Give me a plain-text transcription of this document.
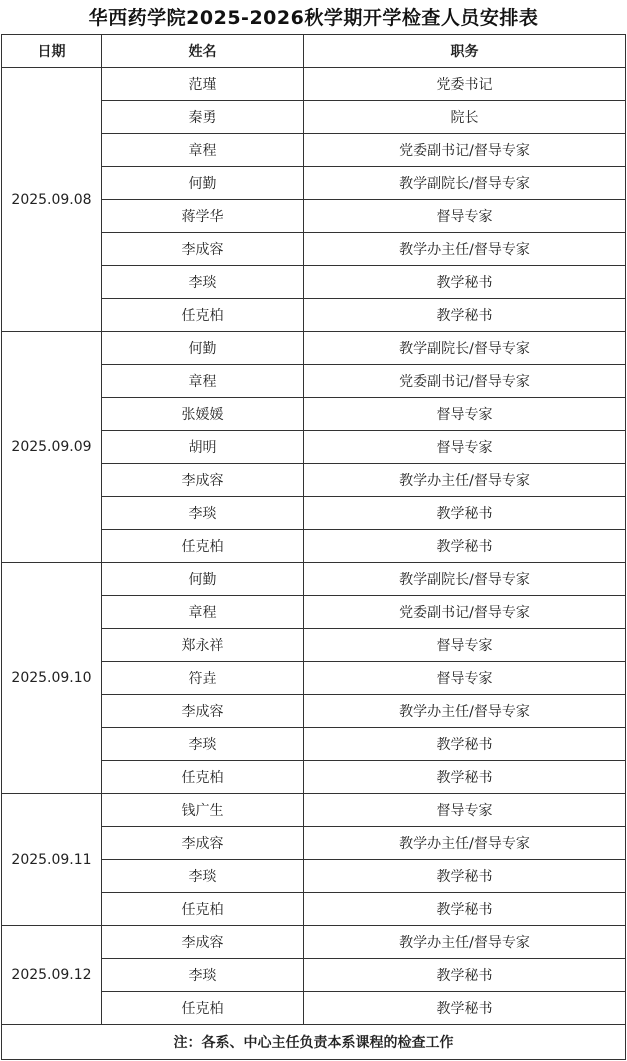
华西药学院2025-2026秋学期开学检查人员安排表
日期	姓名	职务
2025.09.08	范瑾	党委书记
	秦勇	院长
	章程	党委副书记/督导专家
	何勤	教学副院长/督导专家
	蒋学华	督导专家
	李成容	教学办主任/督导专家
	李琰	教学秘书
	任克柏	教学秘书
2025.09.09	何勤	教学副院长/督导专家
	章程	党委副书记/督导专家
	张媛媛	督导专家
	胡明	督导专家
	李成容	教学办主任/督导专家
	李琰	教学秘书
	任克柏	教学秘书
2025.09.10	何勤	教学副院长/督导专家
	章程	党委副书记/督导专家
	郑永祥	督导专家
	符垚	督导专家
	李成容	教学办主任/督导专家
	李琰	教学秘书
	任克柏	教学秘书
2025.09.11	钱广生	督导专家
	李成容	教学办主任/督导专家
	李琰	教学秘书
	任克柏	教学秘书
2025.09.12	李成容	教学办主任/督导专家
	李琰	教学秘书
	任克柏	教学秘书
注：各系、中心主任负责本系课程的检查工作		
